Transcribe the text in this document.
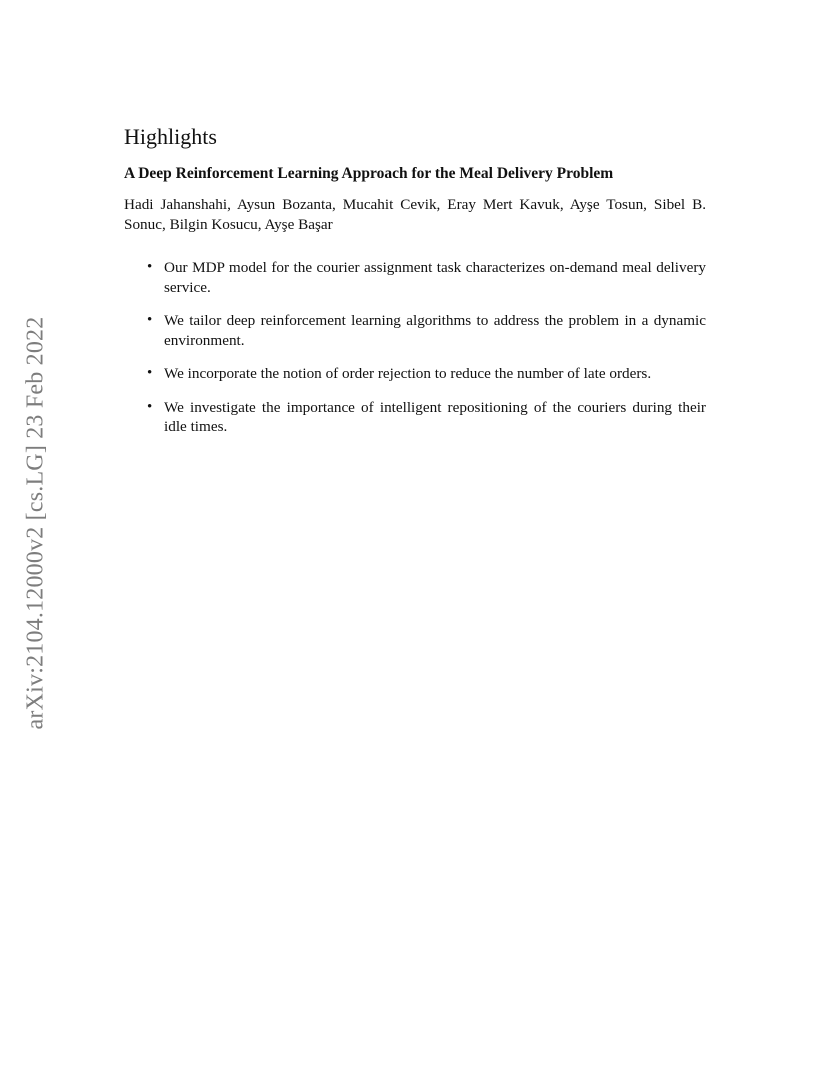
arXiv:2104.12000v2 [cs.LG] 23 Feb 2022
Highlights
A Deep Reinforcement Learning Approach for the Meal Delivery Problem

Hadi Jahanshahi, Aysun Bozanta, Mucahit Cevik, Eray Mert Kavuk, Ayşe Tosun, Sibel B. Sonuc, Bilgin Kosucu, Ayşe Başar

• Our MDP model for the courier assignment task characterizes on-demand meal delivery service.
• We tailor deep reinforcement learning algorithms to address the problem in a dynamic environment.
• We incorporate the notion of order rejection to reduce the number of late orders.
• We investigate the importance of intelligent repositioning of the couriers during their idle times.
